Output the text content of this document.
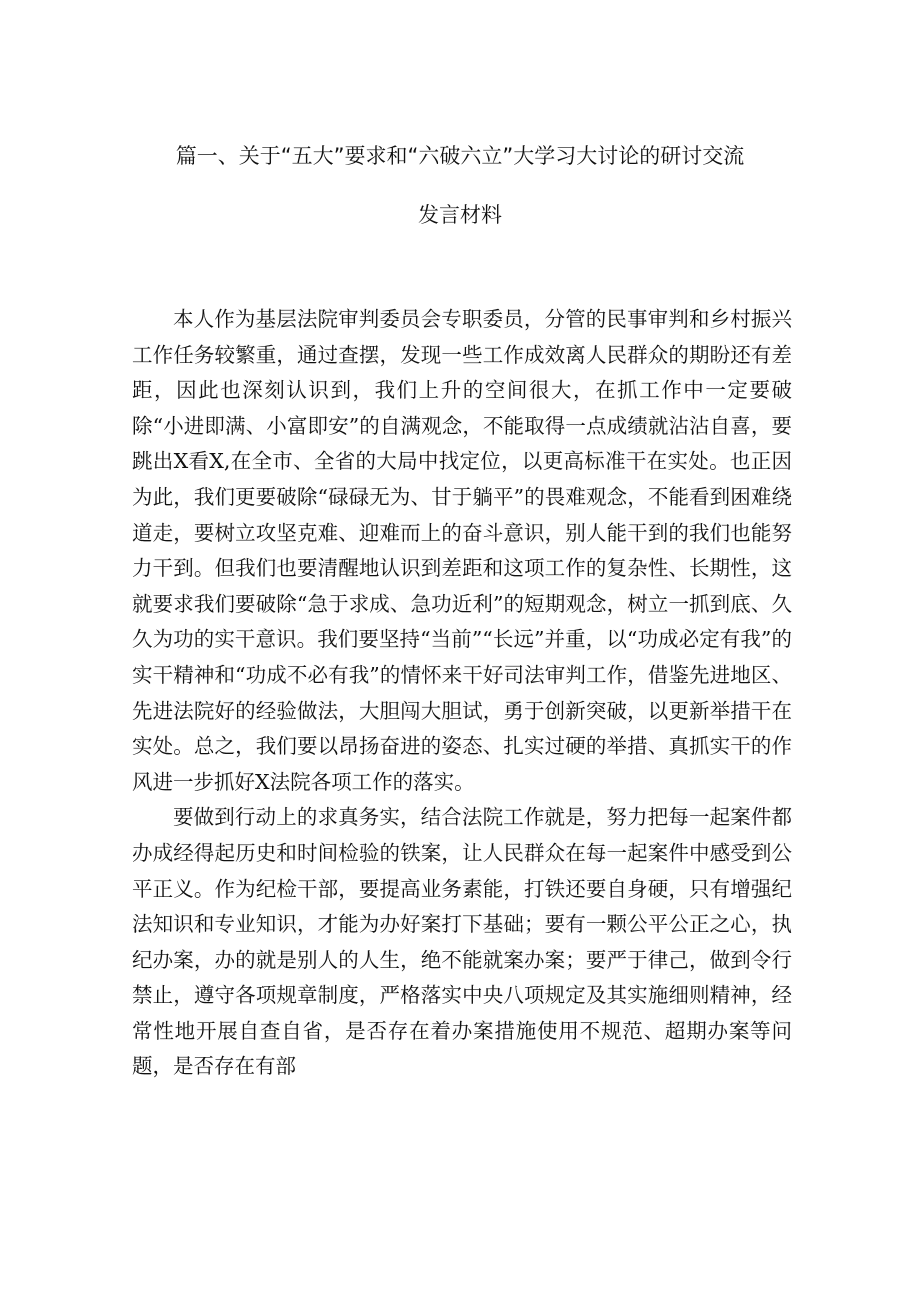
篇一、关于“五大”要求和“六破六立”大学习大讨论的研讨交流
发言材料

本人作为基层法院审判委员会专职委员，分管的民事审判和乡村振兴工作任务较繁重，通过查摆，发现一些工作成效离人民群众的期盼还有差距，因此也深刻认识到，我们上升的空间很大，在抓工作中一定要破除“小进即满、小富即安”的自满观念，不能取得一点成绩就沾沾自喜，要跳出X看X,在全市、全省的大局中找定位，以更高标准干在实处。也正因为此，我们更要破除“碌碌无为、甘于躺平”的畏难观念，不能看到困难绕道走，要树立攻坚克难、迎难而上的奋斗意识，别人能干到的我们也能努力干到。但我们也要清醒地认识到差距和这项工作的复杂性、长期性，这就要求我们要破除“急于求成、急功近利”的短期观念，树立一抓到底、久久为功的实干意识。我们要坚持“当前”“长远”并重，以“功成必定有我”的实干精神和“功成不必有我”的情怀来干好司法审判工作，借鉴先进地区、先进法院好的经验做法，大胆闯大胆试，勇于创新突破，以更新举措干在实处。总之，我们要以昂扬奋进的姿态、扎实过硬的举措、真抓实干的作风进一步抓好X法院各项工作的落实。

要做到行动上的求真务实，结合法院工作就是，努力把每一起案件都办成经得起历史和时间检验的铁案，让人民群众在每一起案件中感受到公平正义。作为纪检干部，要提高业务素能，打铁还要自身硬，只有增强纪法知识和专业知识，才能为办好案打下基础；要有一颗公平公正之心，执纪办案，办的就是别人的人生，绝不能就案办案；要严于律己，做到令行禁止，遵守各项规章制度，严格落实中央八项规定及其实施细则精神，经常性地开展自查自省，是否存在着办案措施使用不规范、超期办案等问题，是否存在有部
